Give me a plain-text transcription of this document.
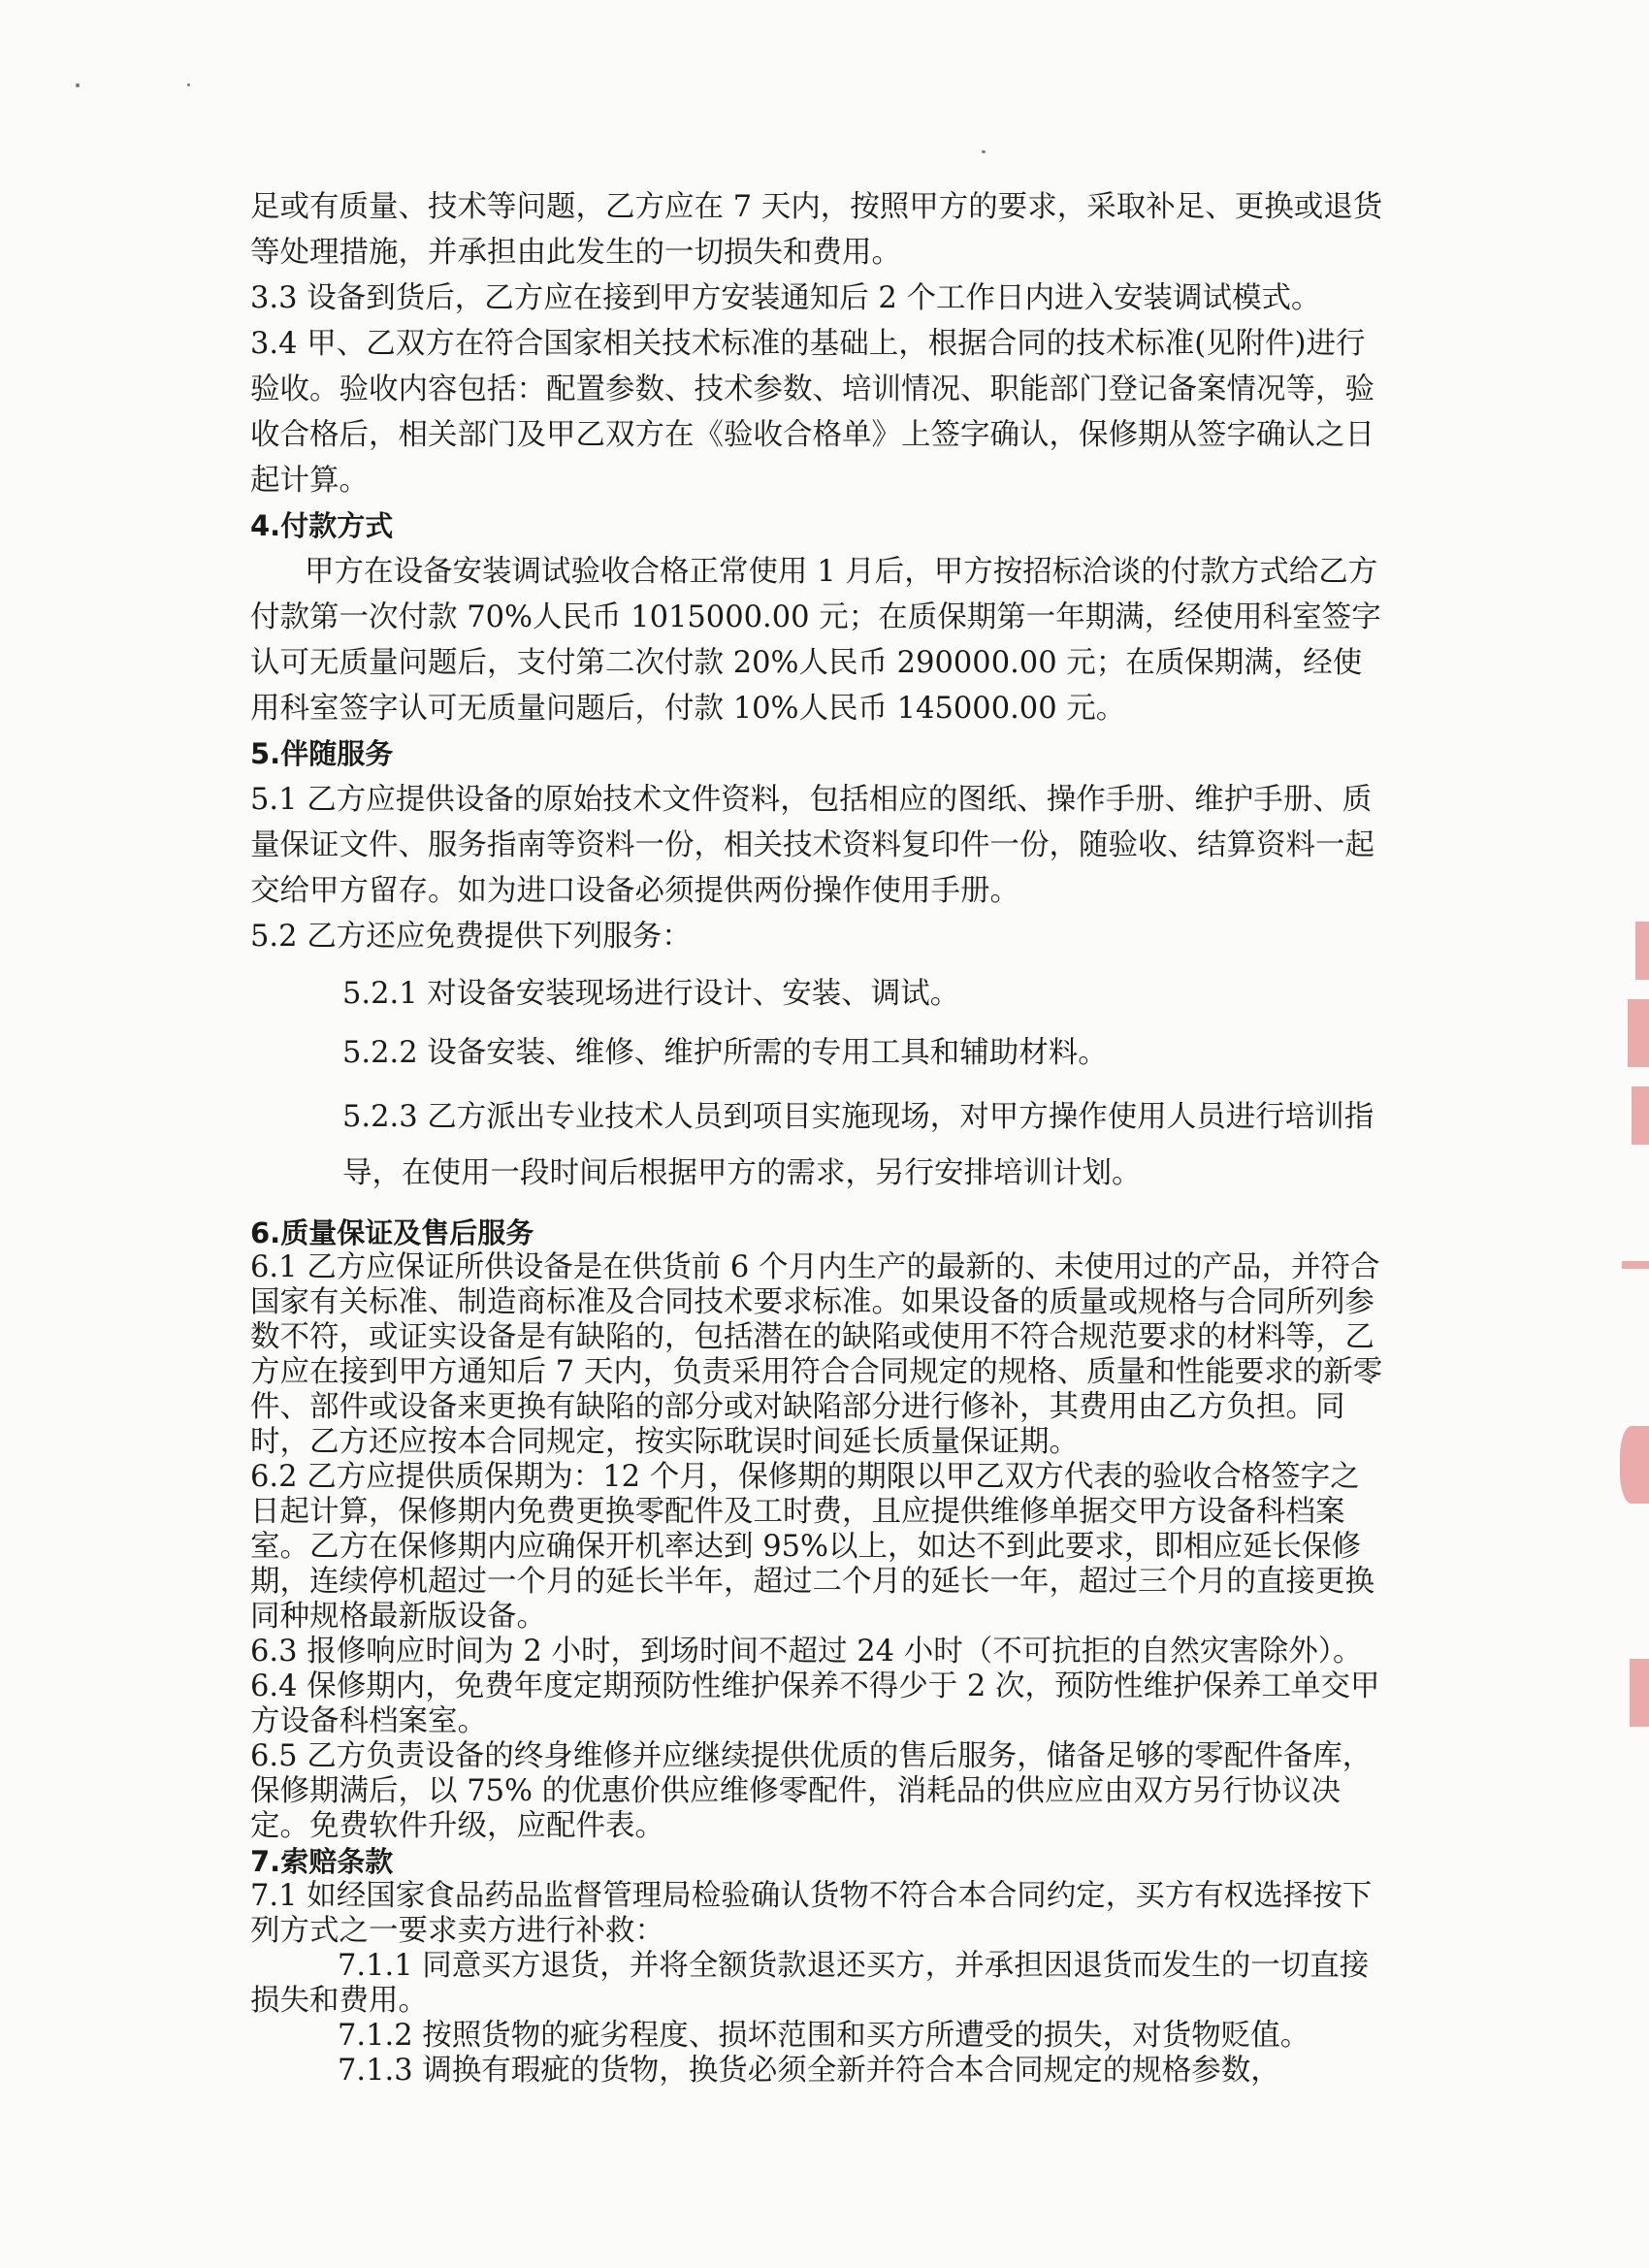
足或有质量、技术等问题，乙方应在 7 天内，按照甲方的要求，采取补足、更换或退货等处理措施，并承担由此发生的一切损失和费用。

3.3 设备到货后，乙方应在接到甲方安装通知后 2 个工作日内进入安装调试模式。

3.4 甲、乙双方在符合国家相关技术标准的基础上，根据合同的技术标准(见附件)进行验收。验收内容包括：配置参数、技术参数、培训情况、职能部门登记备案情况等，验收合格后，相关部门及甲乙双方在《验收合格单》上签字确认，保修期从签字确认之日起计算。

4.付款方式

甲方在设备安装调试验收合格正常使用 1 月后，甲方按招标洽谈的付款方式给乙方付款第一次付款 70%人民币 1015000.00 元；在质保期第一年期满，经使用科室签字认可无质量问题后，支付第二次付款 20%人民币 290000.00 元；在质保期满，经使用科室签字认可无质量问题后，付款 10%人民币 145000.00 元。

5.伴随服务

5.1 乙方应提供设备的原始技术文件资料，包括相应的图纸、操作手册、维护手册、质量保证文件、服务指南等资料一份，相关技术资料复印件一份，随验收、结算资料一起交给甲方留存。如为进口设备必须提供两份操作使用手册。

5.2 乙方还应免费提供下列服务：

5.2.1 对设备安装现场进行设计、安装、调试。

5.2.2 设备安装、维修、维护所需的专用工具和辅助材料。

5.2.3 乙方派出专业技术人员到项目实施现场，对甲方操作使用人员进行培训指导，在使用一段时间后根据甲方的需求，另行安排培训计划。

6.质量保证及售后服务

6.1 乙方应保证所供设备是在供货前 6 个月内生产的最新的、未使用过的产品，并符合国家有关标准、制造商标准及合同技术要求标准。如果设备的质量或规格与合同所列参数不符，或证实设备是有缺陷的，包括潜在的缺陷或使用不符合规范要求的材料等，乙方应在接到甲方通知后 7 天内，负责采用符合合同规定的规格、质量和性能要求的新零件、部件或设备来更换有缺陷的部分或对缺陷部分进行修补，其费用由乙方负担。同时，乙方还应按本合同规定，按实际耽误时间延长质量保证期。

6.2 乙方应提供质保期为：12 个月，保修期的期限以甲乙双方代表的验收合格签字之日起计算，保修期内免费更换零配件及工时费，且应提供维修单据交甲方设备科档案室。乙方在保修期内应确保开机率达到 95%以上，如达不到此要求，即相应延长保修期，连续停机超过一个月的延长半年，超过二个月的延长一年，超过三个月的直接更换同种规格最新版设备。

6.3 报修响应时间为 2 小时，到场时间不超过 24 小时（不可抗拒的自然灾害除外）。

6.4 保修期内，免费年度定期预防性维护保养不得少于 2 次，预防性维护保养工单交甲方设备科档案室。

6.5 乙方负责设备的终身维修并应继续提供优质的售后服务，储备足够的零配件备库，保修期满后，以 75% 的优惠价供应维修零配件，消耗品的供应应由双方另行协议决定。免费软件升级，应配件表。

7.索赔条款

7.1 如经国家食品药品监督管理局检验确认货物不符合本合同约定，买方有权选择按下列方式之一要求卖方进行补救：

7.1.1 同意买方退货，并将全额货款退还买方，并承担因退货而发生的一切直接损失和费用。

7.1.2 按照货物的疵劣程度、损坏范围和买方所遭受的损失，对货物贬值。

7.1.3 调换有瑕疵的货物，换货必须全新并符合本合同规定的规格参数，
